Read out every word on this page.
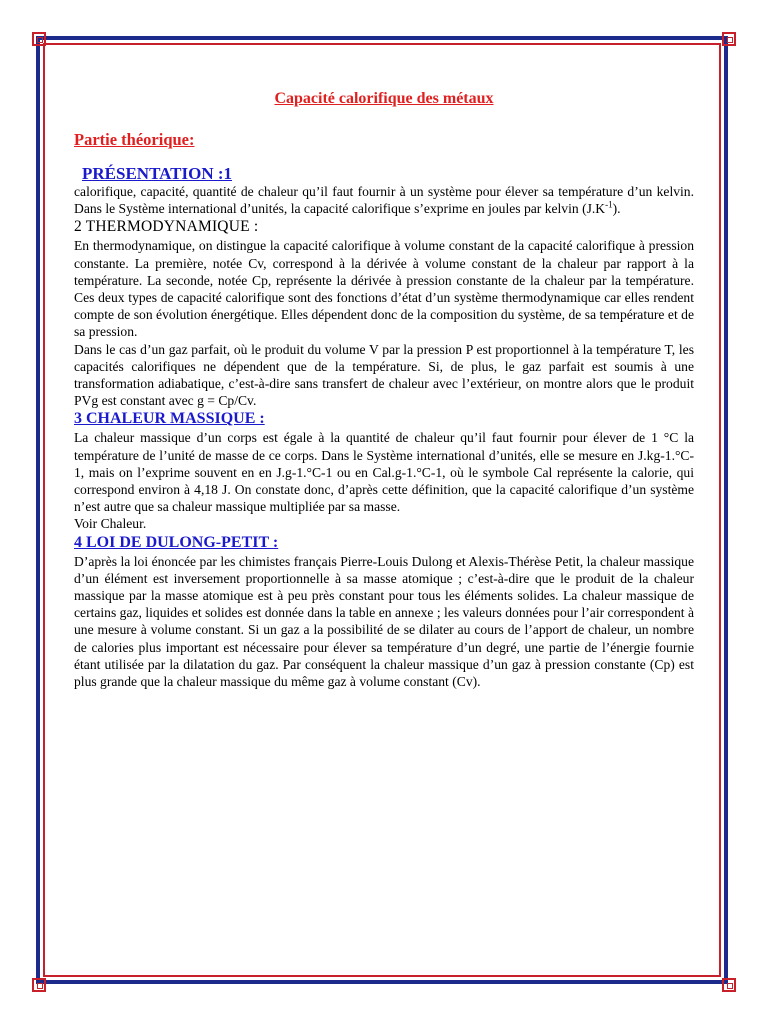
Capacité calorifique des métaux
Partie théorique:
PRÉSENTATION :1

calorifique, capacité, quantité de chaleur qu’il faut fournir à un système pour élever sa température d’un kelvin. Dans le Système international d’unités, la capacité calorifique s’exprime en joules par kelvin $(J.K^{-1})$.

2 THERMODYNAMIQUE :

En thermodynamique, on distingue la capacité calorifique à volume constant de la capacité calorifique à pression constante. La première, notée Cv, correspond à la dérivée à volume constant de la chaleur par rapport à la température. La seconde, notée Cp, représente la dérivée à pression constante de la chaleur par la température. Ces deux types de capacité calorifique sont des fonctions d’état d’un système thermodynamique car elles rendent compte de son évolution énergétique. Elles dépendent donc de la composition du système, de sa température et de sa pression.

Dans le cas d’un gaz parfait, où le produit du volume V par la pression P est proportionnel à la température T, les capacités calorifiques ne dépendent que de la température. Si, de plus, le gaz parfait est soumis à une transformation adiabatique, c’est-à-dire sans transfert de chaleur avec l’extérieur, on montre alors que le produit PVg est constant avec g = Cp/Cv.

3 CHALEUR MASSIQUE :

La chaleur massique d’un corps est égale à la quantité de chaleur qu’il faut fournir pour élever de 1 °C la température de l’unité de masse de ce corps. Dans le Système international d’unités, elle se mesure en J.kg-1.°C-1, mais on l’exprime souvent en en J.g-1.°C-1 ou en Cal.g-1.°C-1, où le symbole Cal représente la calorie, qui correspond environ à 4,18 J. On constate donc, d’après cette définition, que la capacité calorifique d’un système n’est autre que sa chaleur massique multipliée par sa masse.

Voir Chaleur.

4 LOI DE DULONG-PETIT :

D’après la loi énoncée par les chimistes français Pierre-Louis Dulong et Alexis-Thérèse Petit, la chaleur massique d’un élément est inversement proportionnelle à sa masse atomique ; c’est-à-dire que le produit de la chaleur massique par la masse atomique est à peu près constant pour tous les éléments solides. La chaleur massique de certains gaz, liquides et solides est donnée dans la table en annexe ; les valeurs données pour l’air correspondent à une mesure à volume constant. Si un gaz a la possibilité de se dilater au cours de l’apport de chaleur, un nombre de calories plus important est nécessaire pour élever sa température d’un degré, une partie de l’énergie fournie étant utilisée par la dilatation du gaz. Par conséquent la chaleur massique d’un gaz à pression constante (Cp) est plus grande que la chaleur massique du même gaz à volume constant (Cv).
